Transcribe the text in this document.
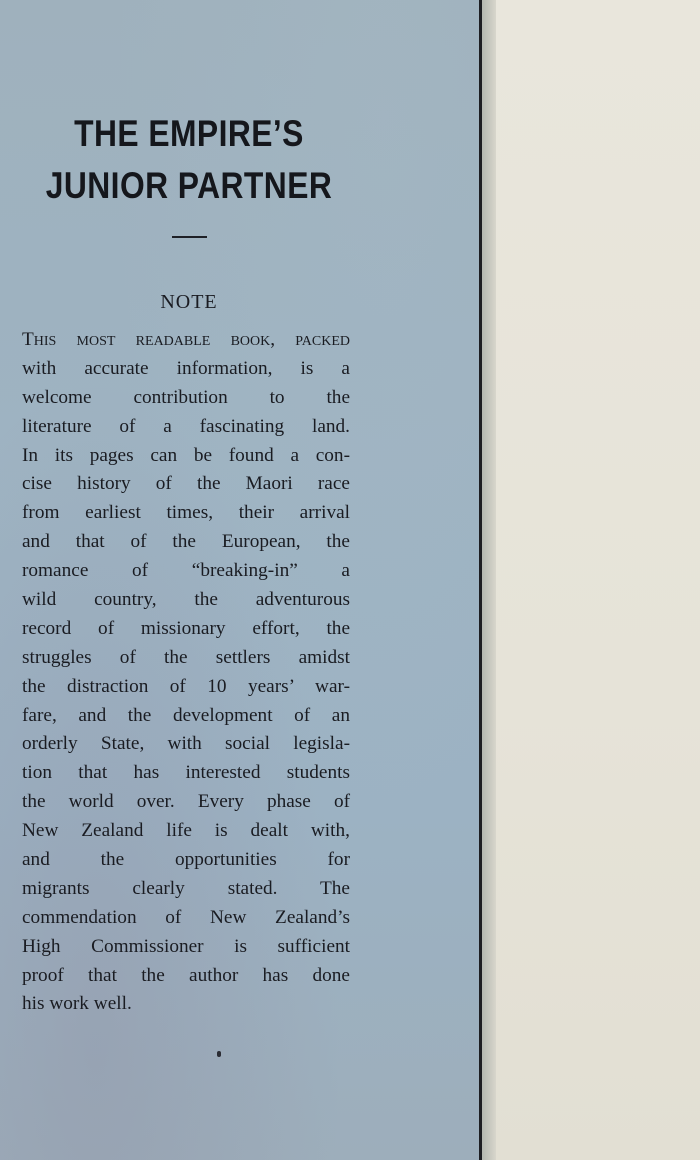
THE EMPIRE’S
JUNIOR PARTNER
NOTE
This most readable book, packed
with accurate information, is a
welcome contribution to the
literature of a fascinating land.
In its pages can be found a con-
cise history of the Maori race
from earliest times, their arrival
and that of the European, the
romance of “breaking-in” a
wild country, the adventurous
record of missionary effort, the
struggles of the settlers amidst
the distraction of 10 years’ war-
fare, and the development of an
orderly State, with social legisla-
tion that has interested students
the world over. Every phase of
New Zealand life is dealt with,
and the opportunities for
migrants clearly stated. The
commendation of New Zealand’s
High Commissioner is sufficient
proof that the author has done
his work well.
